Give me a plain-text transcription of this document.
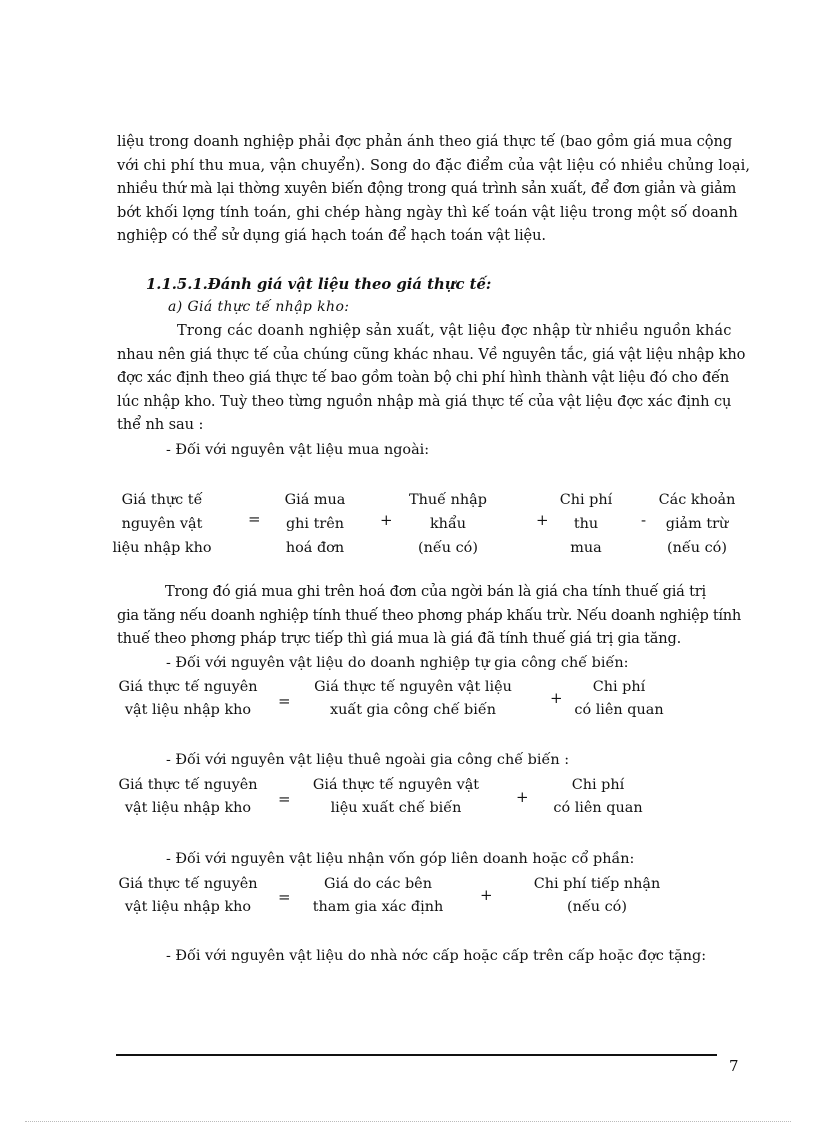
liệu trong doanh nghiệp phải đợc phản ánh theo giá thực tế (bao gồm giá mua cộng
với chi phí thu mua, vận chuyển). Song do đặc điểm của vật liệu có nhiều chủng loại,
nhiều thứ mà lại thờng xuyên biến động trong quá trình sản xuất, để đơn giản và giảm
bớt khối lợng tính toán, ghi chép hàng ngày thì kế toán vật liệu trong một số doanh
nghiệp có thể sử dụng giá hạch toán để hạch toán vật liệu.
1.1.5.1.Đánh giá vật liệu theo giá thực tế:
a) Giá thực tế nhập kho:
Trong các doanh nghiệp sản xuất, vật liệu đợc nhập từ nhiều nguồn khác
nhau nên giá thực tế của chúng cũng khác nhau. Về nguyên tắc, giá vật liệu nhập kho
đợc xác định theo giá thực tế bao gồm toàn bộ chi phí hình thành vật liệu đó cho đến
lúc nhập kho. Tuỳ theo từng nguồn nhập mà giá thực tế của vật liệu đợc xác định cụ
thể nh sau :
- Đối với nguyên vật liệu mua ngoài:
Giá thực tế
nguyên vật
liệu nhập kho
=
Giá mua
ghi trên
hoá đơn
+
Thuế nhập
khẩu
(nếu có)
+
Chi phí
thu
mua
-
Các khoản
giảm trừ
(nếu có)
Trong đó giá mua ghi trên hoá đơn của ngời bán là giá cha tính thuế giá trị
gia tăng nếu doanh nghiệp tính thuế theo phơng pháp khấu trừ. Nếu doanh nghiệp tính
thuế theo phơng pháp trực tiếp thì giá mua là giá đã tính thuế giá trị gia tăng.
- Đối với nguyên vật liệu do doanh nghiệp tự gia công chế biến:
Giá thực tế nguyên
vật liệu nhập kho	=
Giá thực tế nguyên vật liệu
xuất gia công chế biến
+
Chi phí
có liên quan
- Đối với nguyên vật liệu thuê ngoài gia công chế biến :
Giá thực tế nguyên
vật liệu nhập kho	=
Giá thực tế nguyên vật
liệu xuất chế biến
+
Chi phí
có liên quan
- Đối với nguyên vật liệu nhận vốn góp liên doanh hoặc cổ phần:
Giá thực tế nguyên
vật liệu nhập kho
=
Giá do các bên
tham gia xác định
+
Chi phí tiếp nhận
(nếu có)
- Đối với nguyên vật liệu do nhà nớc cấp hoặc cấp trên cấp hoặc đợc tặng:
7
